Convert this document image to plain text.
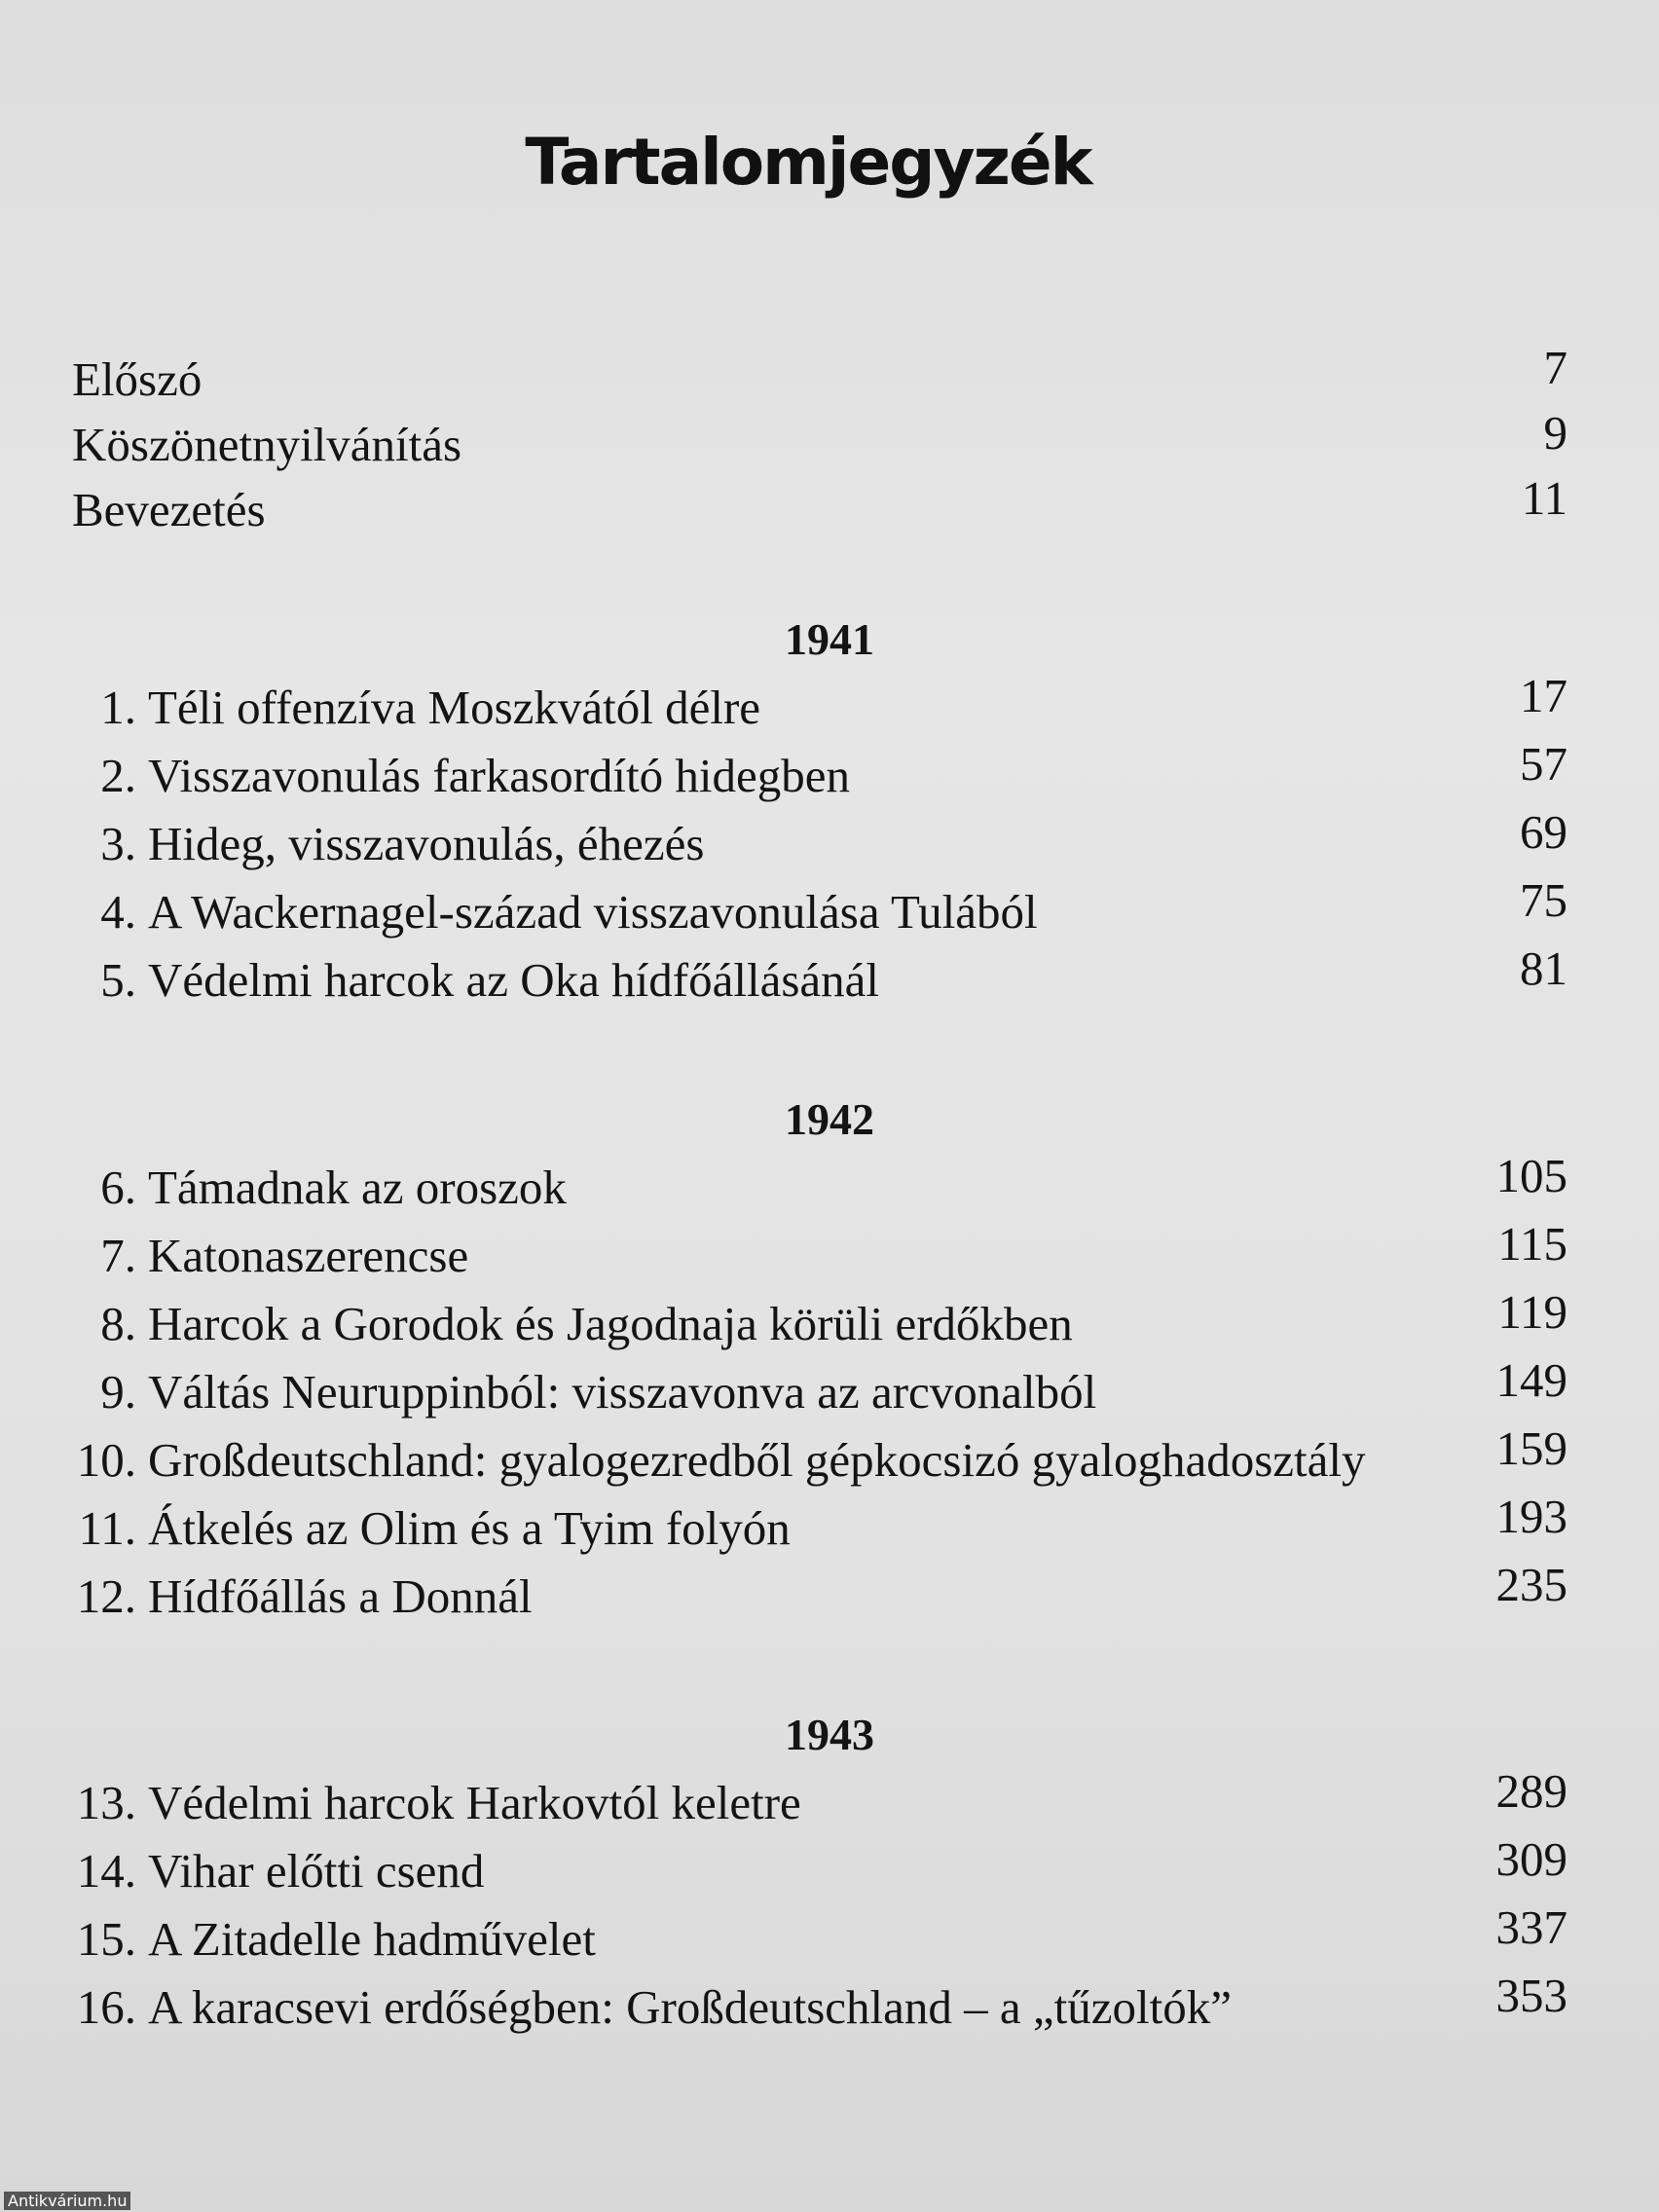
Tartalomjegyzék
Előszó	7
Köszönetnyilvánítás	9
Bevezetés	11
1941
1. Téli offenzíva Moszkvától délre	17
2. Visszavonulás farkasordító hidegben	57
3. Hideg, visszavonulás, éhezés	69
4. A Wackernagel-század visszavonulása Tulából	75
5. Védelmi harcok az Oka hídfőállásánál	81
1942
6. Támadnak az oroszok	105
7. Katonaszerencse	115
8. Harcok a Gorodok és Jagodnaja körüli erdőkben	119
9. Váltás Neuruppinból: visszavonva az arcvonalból	149
10. Großdeutschland: gyalogezredből gépkocsizó gyaloghadosztály	159
11. Átkelés az Olim és a Tyim folyón	193
12. Hídfőállás a Donnál	235
1943
13. Védelmi harcok Harkovtól keletre	289
14. Vihar előtti csend	309
15. A Zitadelle hadművelet	337
16. A karacsevi erdőségben: Großdeutschland – a „tűzoltók”	353
Antikvárium.hu
